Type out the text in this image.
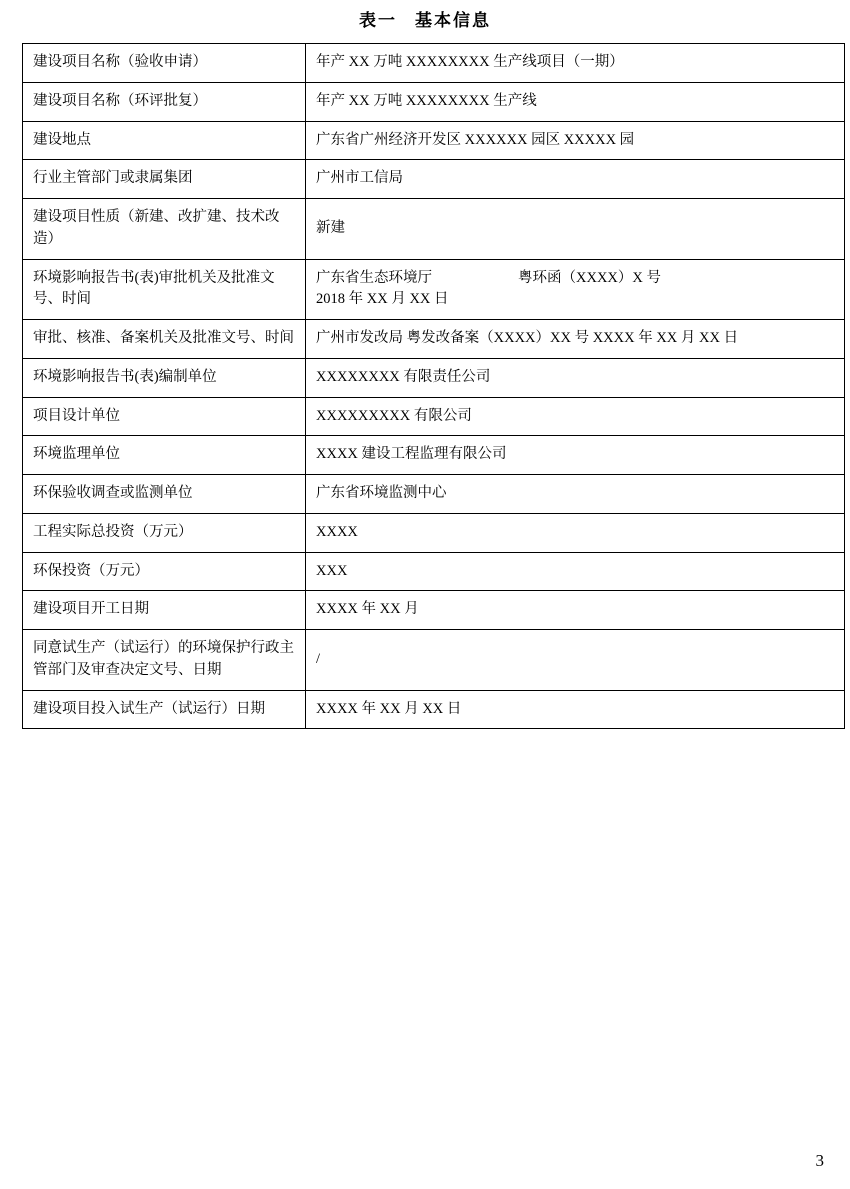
表一 基本信息
建设项目名称（验收申请）	年产 XX 万吨 XXXXXXXX 生产线项目（一期）
建设项目名称（环评批复）	年产 XX 万吨 XXXXXXXX 生产线
建设地点	广东省广州经济开发区 XXXXXX 园区 XXXXX 园
行业主管部门或隶属集团	广州市工信局
建设项目性质（新建、改扩建、技术改造）	新建
环境影响报告书(表)审批机关及批准文号、时间	广东省生态环境厅 粤环函（XXXX）X 号
2018 年 XX 月 XX 日

审批、核准、备案机关及批准文号、时间	广州市发改局 粤发改备案（XXXX）XX 号 XXXX 年 XX 月 XX 日
环境影响报告书(表)编制单位	XXXXXXXX 有限责任公司
项目设计单位	XXXXXXXXX 有限公司
环境监理单位	XXXX 建设工程监理有限公司
环保验收调查或监测单位	广东省环境监测中心
工程实际总投资（万元）	XXXX
环保投资（万元）	XXX
建设项目开工日期	XXXX 年 XX 月
同意试生产（试运行）的环境保护行政主管部门及审查决定文号、日期	/
建设项目投入试生产（试运行）日期	XXXX 年 XX 月 XX 日
3
